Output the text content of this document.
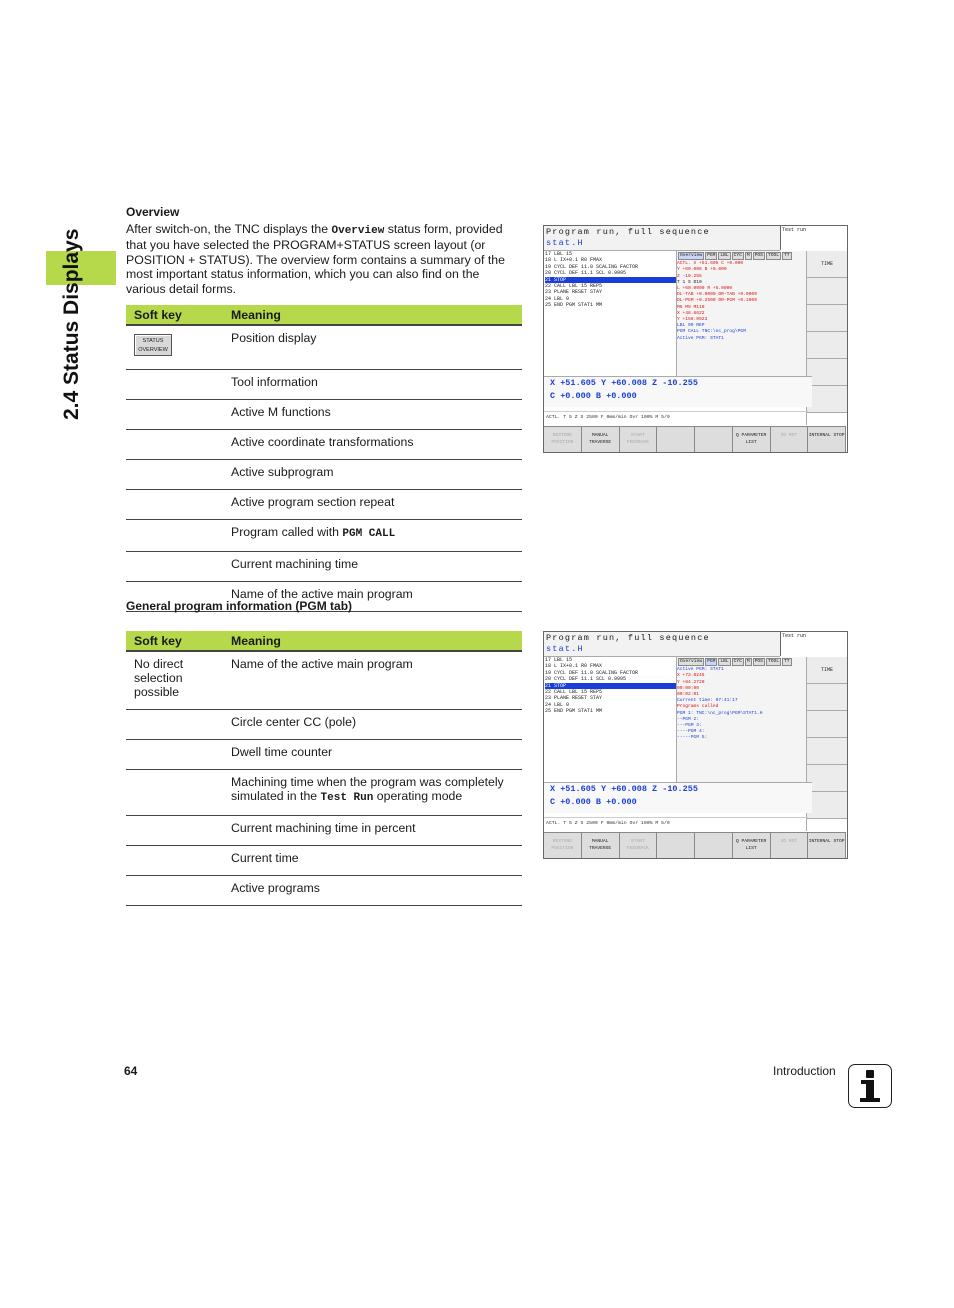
2.4 Status Displays
Overview
After switch-on, the TNC displays the Overview status form, provided that you have selected the PROGRAM+STATUS screen layout (or POSITION + STATUS). The overview form contains a summary of the most important status information, which you can also find on the various detail forms.
Soft key	Meaning

STATUS
OVERVIEW	Position display
	Tool information
	Active M functions
	Active coordinate transformations
	Active subprogram
	Active program section repeat
	Program called with PGM CALL
	Current machining time
	Name of the active main program
General program information (PGM tab)
Soft key	Meaning
No direct selection possible	Name of the active main program
	Circle center CC (pole)
	Dwell time counter
	Machining time when the program was completely simulated in the Test Run operating mode
	Current machining time in percent
	Current time
	Active programs
Program run, full sequence
stat.H
Test run
17 LBL 15
18 L IX+0.1 R0 FMAX
19 CYCL DEF 11.0 SCALING FACTOR
20 CYCL DEF 11.1 SCL 0.9995
21 STOP
22 CALL LBL 15 REP5
23 PLANE RESET STAY
24 LBL 0
25 END PGM STAT1 MM
Overview	PGM	LBL	CYC	M	POS	TOOL	TT
ACTL. X +51.605 C +0.000
Y +60.008 B +0.000
Z -10.255
T 1 S D10
L +60.0000 R +5.0000
DL-TAB +0.0000 DR-TAB +0.0000
DL-PGM +0.2500 DR-PGM +0.1000
M5 M9 M110
X +48.6622
Y +159.0923
LBL 99 REP
PGM CALL TNC:\nc_prog\PGM
Active PGM: STAT1
TIME
X +51.605 Y +60.008 Z -10.255
C +0.000 B +0.000
ACTL. T 5 Z S 2500 F 0mm/min Ovr 100% M 5/9
RESTORE POSITION
MANUAL TRAVERSE
START FEEDBACK
Q PARAMETER LIST
3D ROT	INTERNAL STOP
Program run, full sequence
stat.H
Test run
17 LBL 15
18 L IX+0.1 R0 FMAX
19 CYCL DEF 11.0 SCALING FACTOR
20 CYCL DEF 11.1 SCL 0.9995
21 STOP
22 CALL LBL 15 REP5
23 PLANE RESET STAY
24 LBL 0
25 END PGM STAT1 MM
Overview	PGM	LBL	CYC	M	POS	TOOL	TT
Active PGM: STAT1
X +73.0245
Y +84.2720
00:00:00
00:02:01
Current time: 07:41:17
Programs called
PGM 1: TNC:\nc_prog\PGM\STAT1.H
--PGM 2:
---PGM 3:
----PGM 4:
-----PGM 5:
TIME
X +51.605 Y +60.008 Z -10.255
C +0.000 B +0.000
ACTL. T 5 Z S 2500 F 0mm/min Ovr 100% M 5/9
RESTORE POSITION
MANUAL TRAVERSE
START FEEDBACK
Q PARAMETER LIST
3D ROT	INTERNAL STOP
64	Introduction
